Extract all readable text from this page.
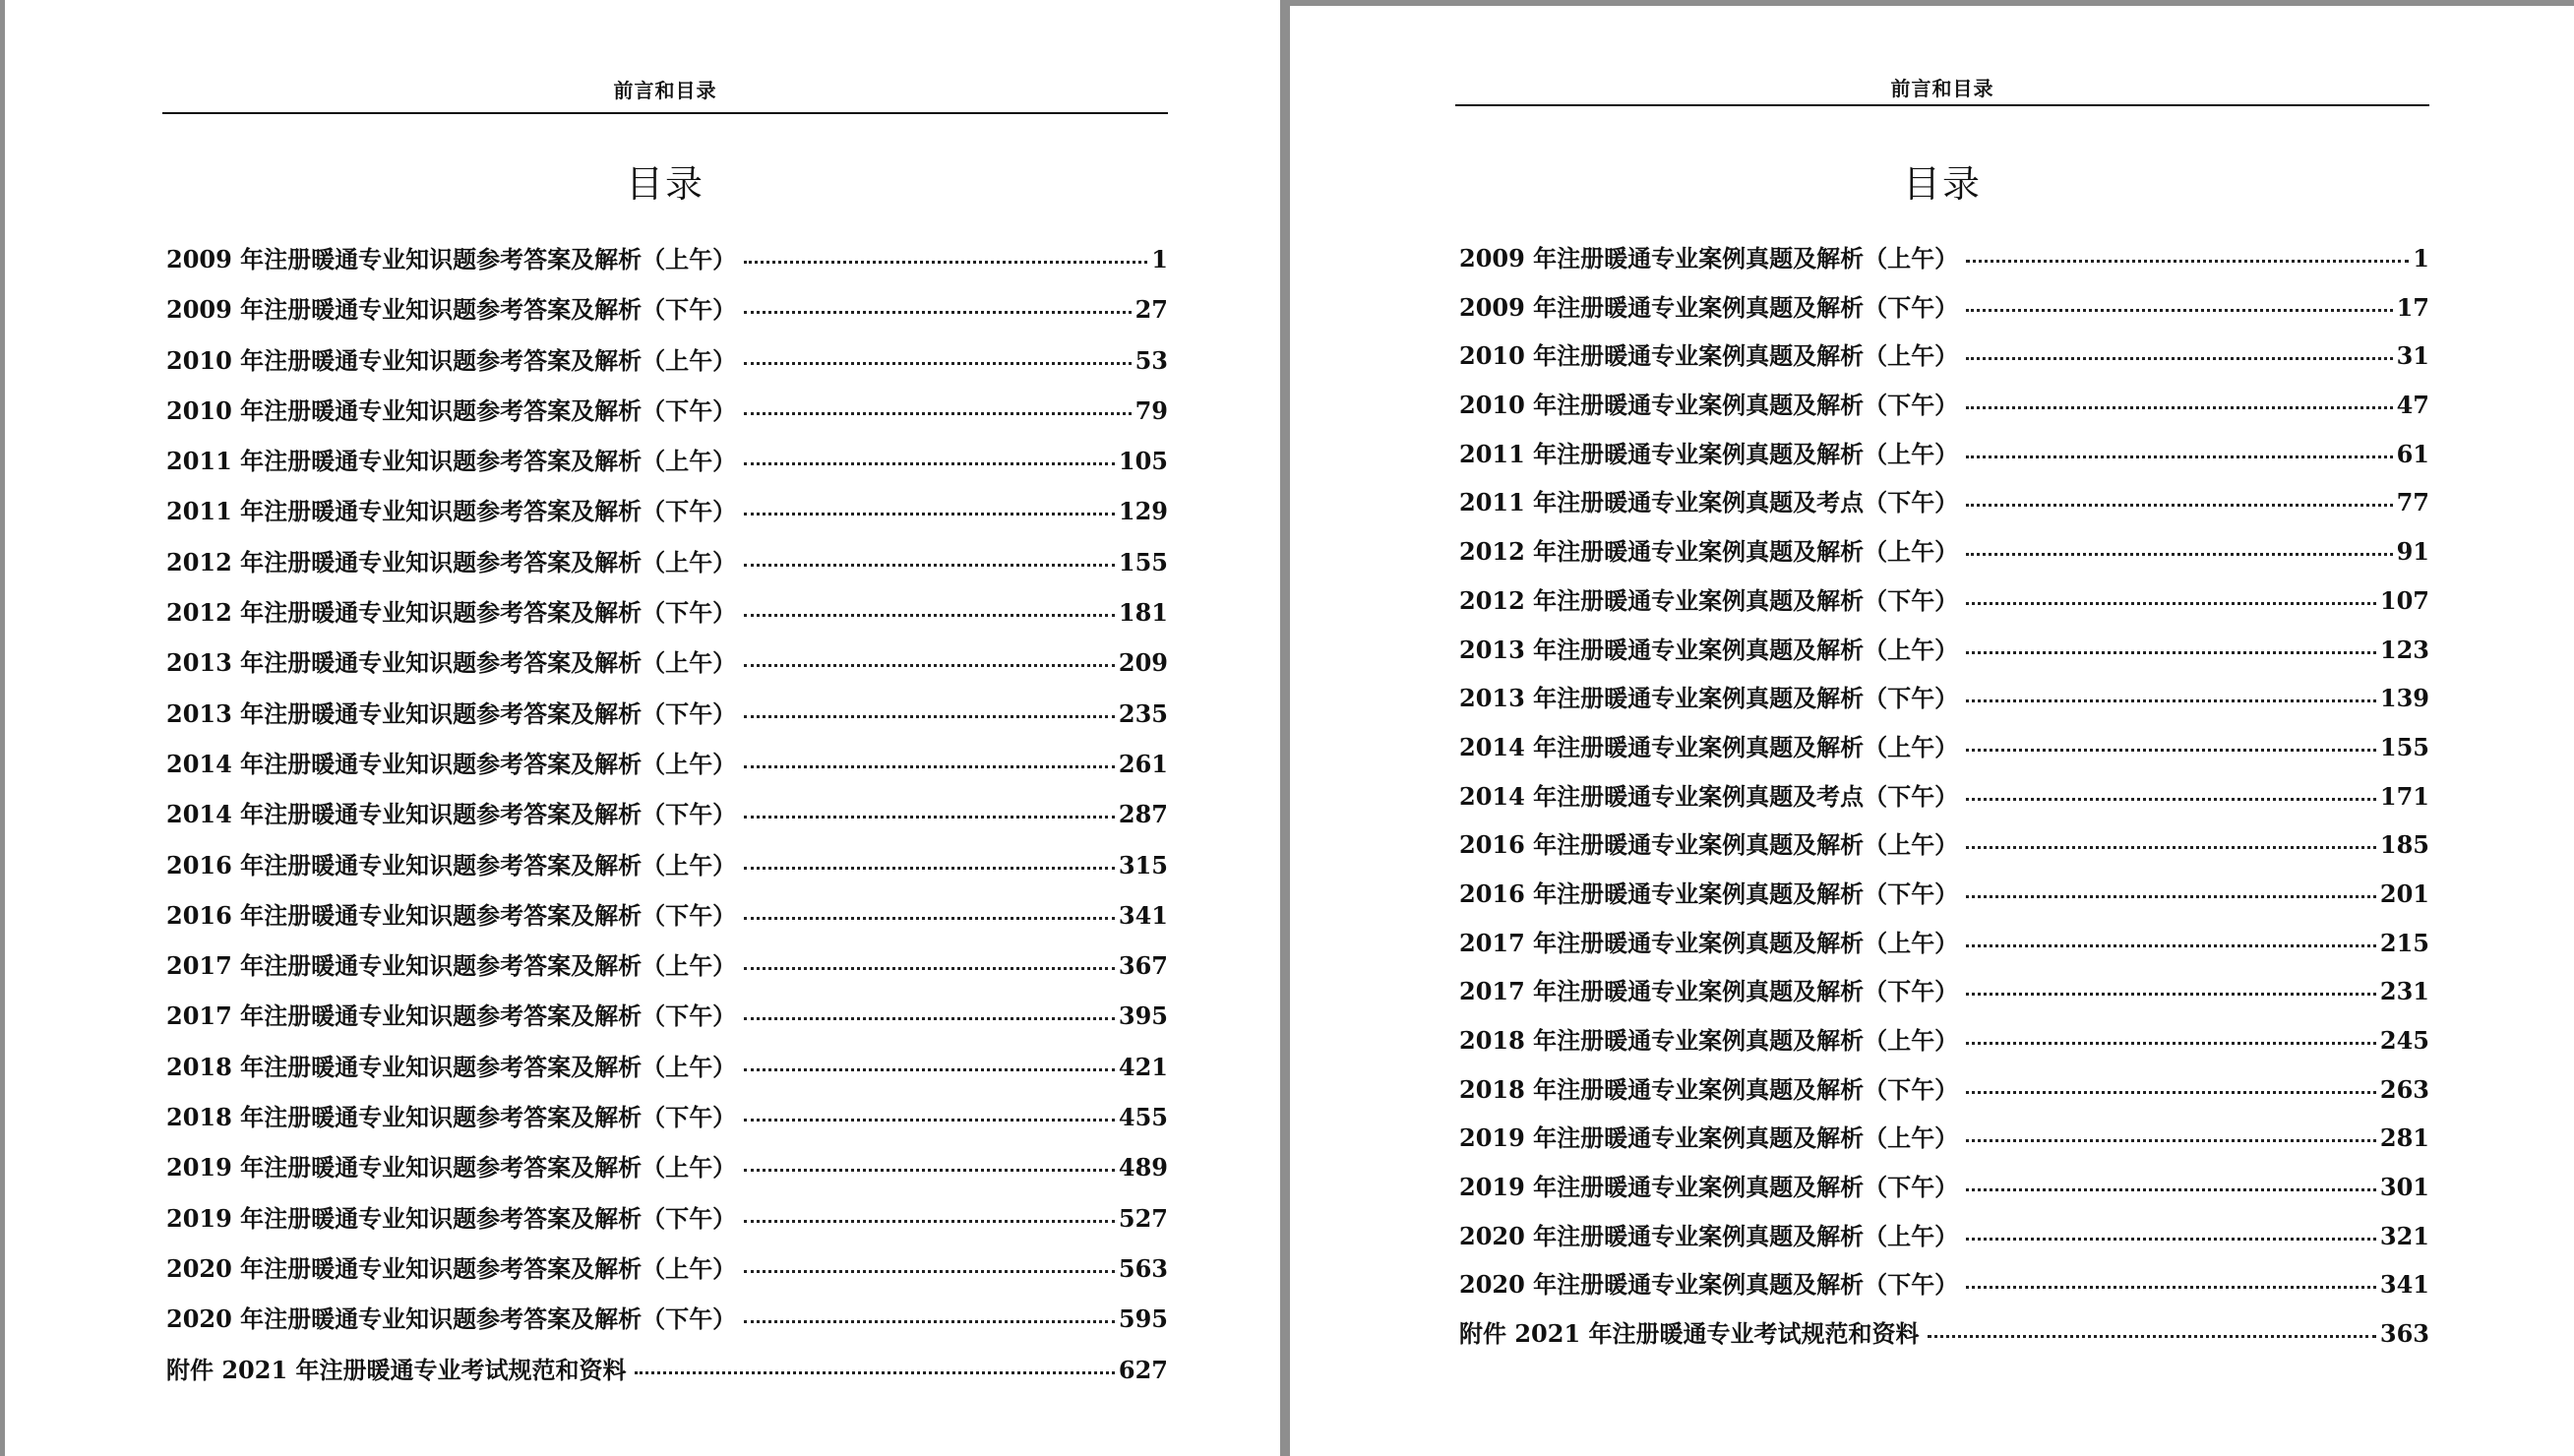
前言和目录
目录
2009 年注册暖通专业知识题参考答案及解析（上午）	1
2009 年注册暖通专业知识题参考答案及解析（下午）	27
2010 年注册暖通专业知识题参考答案及解析（上午）	53
2010 年注册暖通专业知识题参考答案及解析（下午）	79
2011 年注册暖通专业知识题参考答案及解析（上午）	105
2011 年注册暖通专业知识题参考答案及解析（下午）	129
2012 年注册暖通专业知识题参考答案及解析（上午）	155
2012 年注册暖通专业知识题参考答案及解析（下午）	181
2013 年注册暖通专业知识题参考答案及解析（上午）	209
2013 年注册暖通专业知识题参考答案及解析（下午）	235
2014 年注册暖通专业知识题参考答案及解析（上午）	261
2014 年注册暖通专业知识题参考答案及解析（下午）	287
2016 年注册暖通专业知识题参考答案及解析（上午）	315
2016 年注册暖通专业知识题参考答案及解析（下午）	341
2017 年注册暖通专业知识题参考答案及解析（上午）	367
2017 年注册暖通专业知识题参考答案及解析（下午）	395
2018 年注册暖通专业知识题参考答案及解析（上午）	421
2018 年注册暖通专业知识题参考答案及解析（下午）	455
2019 年注册暖通专业知识题参考答案及解析（上午）	489
2019 年注册暖通专业知识题参考答案及解析（下午）	527
2020 年注册暖通专业知识题参考答案及解析（上午）	563
2020 年注册暖通专业知识题参考答案及解析（下午）	595
附件 2021 年注册暖通专业考试规范和资料	627
前言和目录
目录
2009 年注册暖通专业案例真题及解析（上午）	1
2009 年注册暖通专业案例真题及解析（下午）	17
2010 年注册暖通专业案例真题及解析（上午）	31
2010 年注册暖通专业案例真题及解析（下午）	47
2011 年注册暖通专业案例真题及解析（上午）	61
2011 年注册暖通专业案例真题及考点（下午）	77
2012 年注册暖通专业案例真题及解析（上午）	91
2012 年注册暖通专业案例真题及解析（下午）	107
2013 年注册暖通专业案例真题及解析（上午）	123
2013 年注册暖通专业案例真题及解析（下午）	139
2014 年注册暖通专业案例真题及解析（上午）	155
2014 年注册暖通专业案例真题及考点（下午）	171
2016 年注册暖通专业案例真题及解析（上午）	185
2016 年注册暖通专业案例真题及解析（下午）	201
2017 年注册暖通专业案例真题及解析（上午）	215
2017 年注册暖通专业案例真题及解析（下午）	231
2018 年注册暖通专业案例真题及解析（上午）	245
2018 年注册暖通专业案例真题及解析（下午）	263
2019 年注册暖通专业案例真题及解析（上午）	281
2019 年注册暖通专业案例真题及解析（下午）	301
2020 年注册暖通专业案例真题及解析（上午）	321
2020 年注册暖通专业案例真题及解析（下午）	341
附件 2021 年注册暖通专业考试规范和资料	363
